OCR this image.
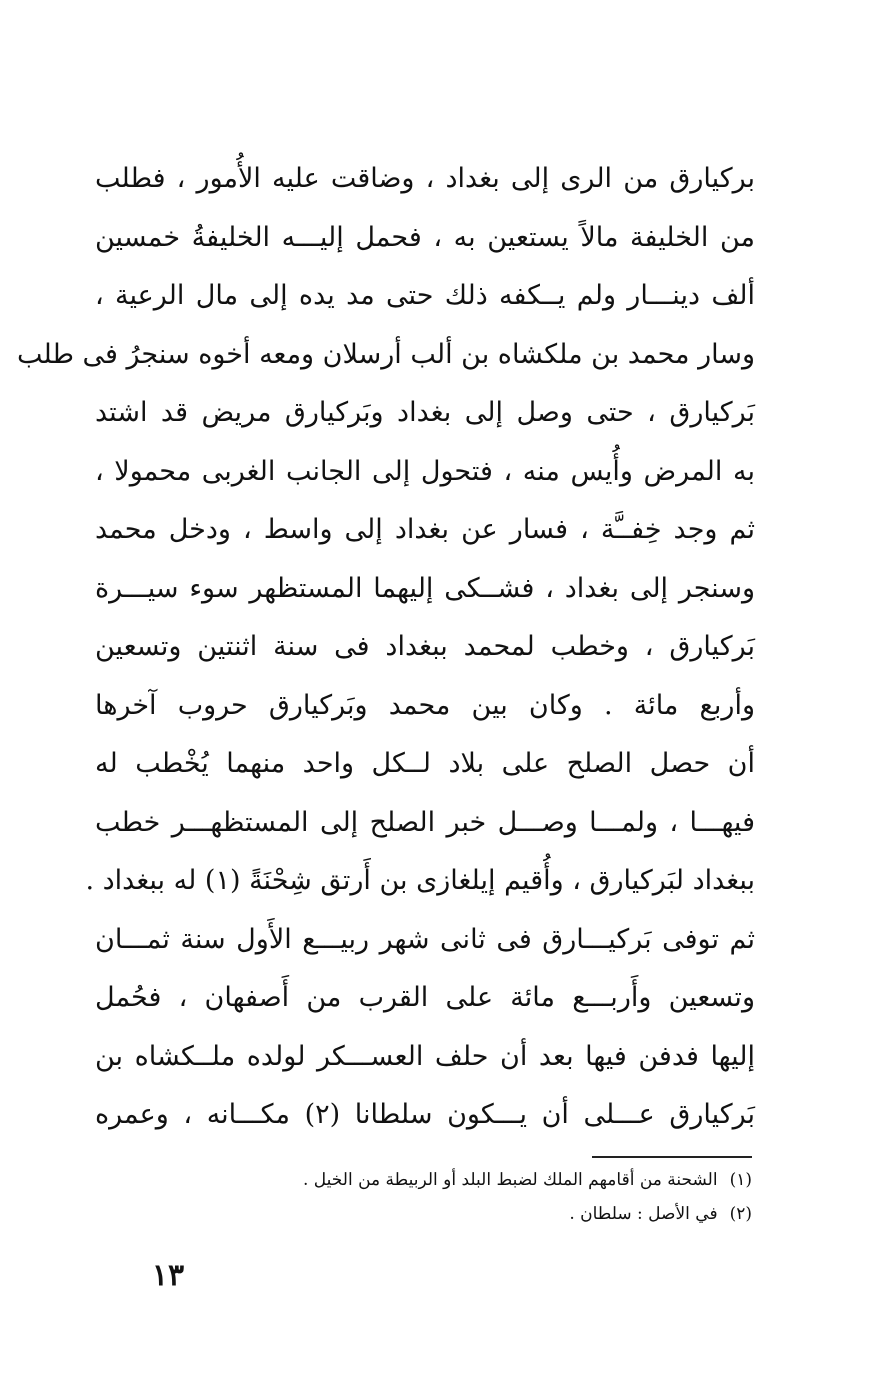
بركيارق من الرى إلى بغداد ، وضاقت عليه الأُمور ، فطلب
من الخليفة مالاً يستعين به ، فحمل إليـــه الخليفةُ خمسين
ألف دينـــار ولم يــكفه ذلك حتى مد يده إلى مال الرعية ،
وسار محمد بن ملكشاه بن ألب أرسلان ومعه أخوه سنجرُ فى طلب
بَركيارق ، حتى وصل إلى بغداد وبَركيارق مريض قد اشتد
به المرض وأُيس منه ، فتحول إلى الجانب الغربى محمولا ،
ثم وجد خِفــَّة ، فسار عن بغداد إلى واسط ، ودخل محمد
وسنجر إلى بغداد ، فشــكى إليهما المستظهر سوء سيـــرة
بَركيارق ، وخطب لمحمد ببغداد فى سنة اثنتين وتسعين
وأربع مائة . وكان بين محمد وبَركيارق حروب آخرها
أن حصل الصلح على بلاد لــكل واحد منهما يُخْطب له
فيهـــا ، ولمـــا وصـــل خبر الصلح إلى المستظهـــر خطب
ببغداد لبَركيارق ، وأُقيم إيلغازى بن أَرتق شِحْنَةً (١) له ببغداد .
ثم توفى بَركيـــارق فى ثانى شهر ربيـــع الأَول سنة ثمـــان
وتسعين وأَربـــع مائة على القرب من أَصفهان ، فحُمل
إليها فدفن فيها بعد أن حلف العســـكر لولده ملــكشاه بن
بَركيارق عـــلى أن يـــكون سلطانا (٢) مكـــانه ، وعمره
(١)الشحنة من أقامهم الملك لضبط البلد أو الربيطة من الخيل .
(٢)في الأصل : سلطان .
١٣
